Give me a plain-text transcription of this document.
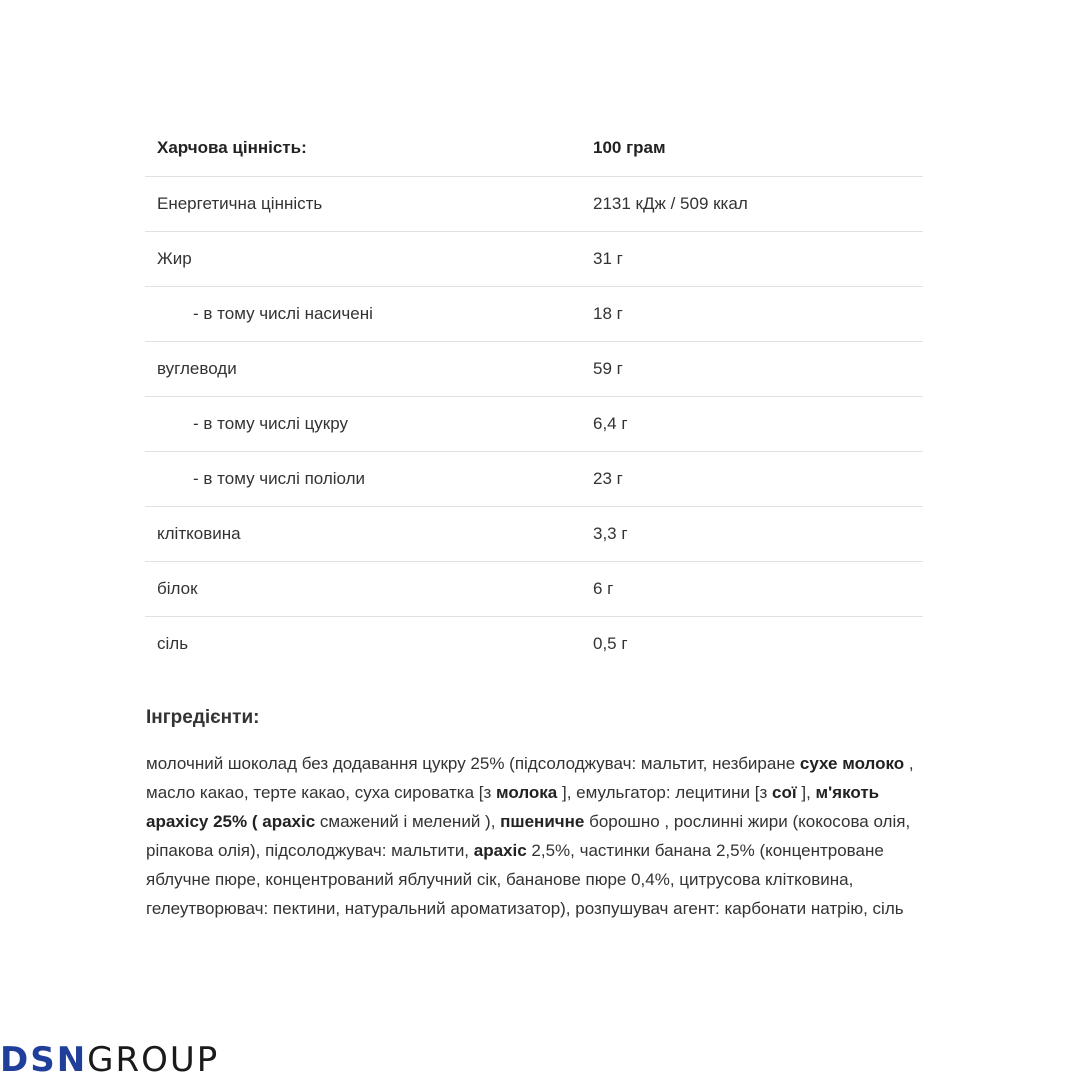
Харчова цінність:	100 грам
Енергетична цінність	2131 кДж / 509 ккал
Жир	31 г
- в тому числі насичені	18 г
вуглеводи	59 г
- в тому числі цукру	6,4 г
- в тому числі поліоли	23 г
клітковина	3,3 г
білок	6 г
сіль	0,5 г
Інгредієнти:

молочний шоколад без додавання цукру 25% (підсолоджувач: мальтит, незбиране сухе молоко , масло какао, терте какао, суха сироватка [з молока ], емульгатор: лецитини [з сої ], м'якоть арахісу 25% ( арахіс смажений і мелений ), пшеничне борошно , рослинні жири (кокосова олія, ріпакова олія), підсолоджувач: мальтити, арахіс 2,5%, частинки банана 2,5% (концентроване яблучне пюре, концентрований яблучний сік, бананове пюре 0,4%, цитрусова клітковина, гелеутворювач: пектини, натуральний ароматизатор), розпушувач агент: карбонати натрію, сіль

DSNGROUP
